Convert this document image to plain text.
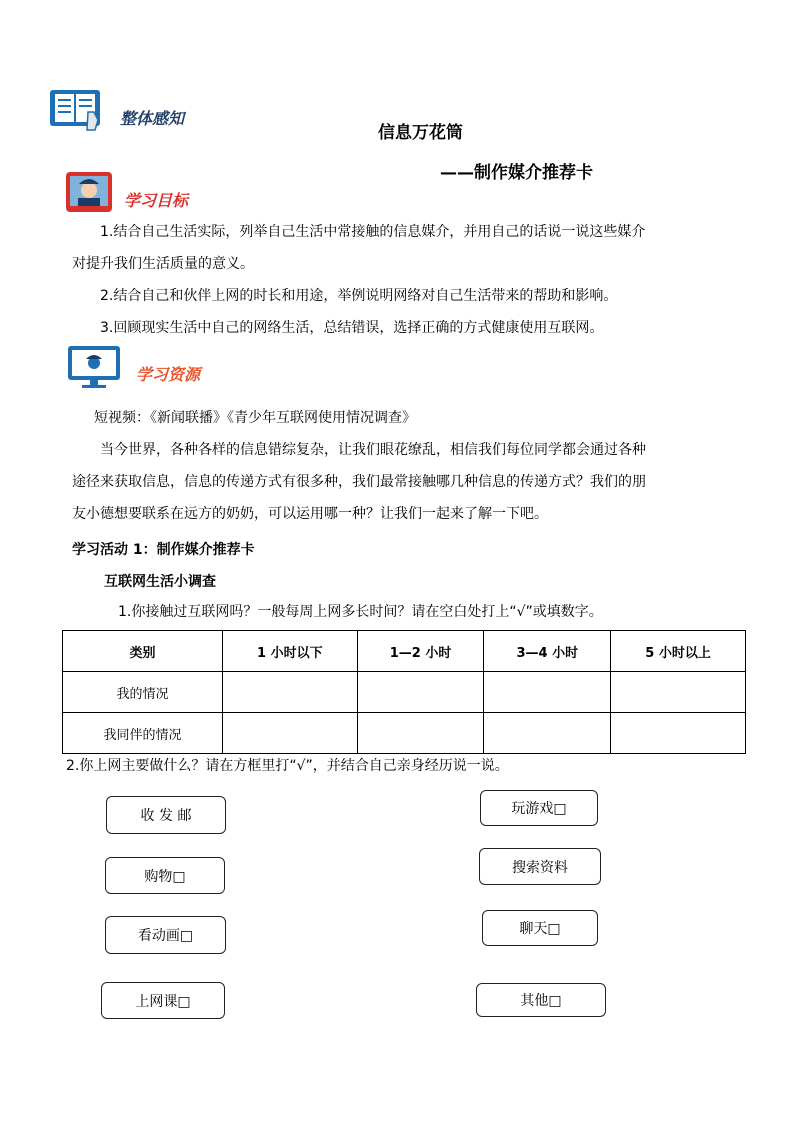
整体感知
信息万花筒
——制作媒介推荐卡
学习目标
1.结合自己生活实际，列举自己生活中常接触的信息媒介，并用自己的话说一说这些媒介
对提升我们生活质量的意义。
2.结合自己和伙伴上网的时长和用途，举例说明网络对自己生活带来的帮助和影响。
3.回顾现实生活中自己的网络生活，总结错误，选择正确的方式健康使用互联网。
学习资源
短视频：《新闻联播》《青少年互联网使用情况调查》
当今世界，各种各样的信息错综复杂，让我们眼花缭乱，相信我们每位同学都会通过各种
途径来获取信息，信息的传递方式有很多种，我们最常接触哪几种信息的传递方式？我们的朋
友小德想要联系在远方的奶奶，可以运用哪一种？让我们一起来了解一下吧。
学习活动 1：制作媒介推荐卡
互联网生活小调查
1.你接触过互联网吗？一般每周上网多长时间？请在空白处打上“√”或填数字。
类别	1 小时以下	1—2 小时	3—4 小时	5 小时以上
我的情况				
我同伴的情况				
2.你上网主要做什么？请在方框里打“√”，并结合自己亲身经历说一说。
收 发 邮	玩游戏□
购物□
搜索资料
看动画□	聊天□
上网课□	其他□
